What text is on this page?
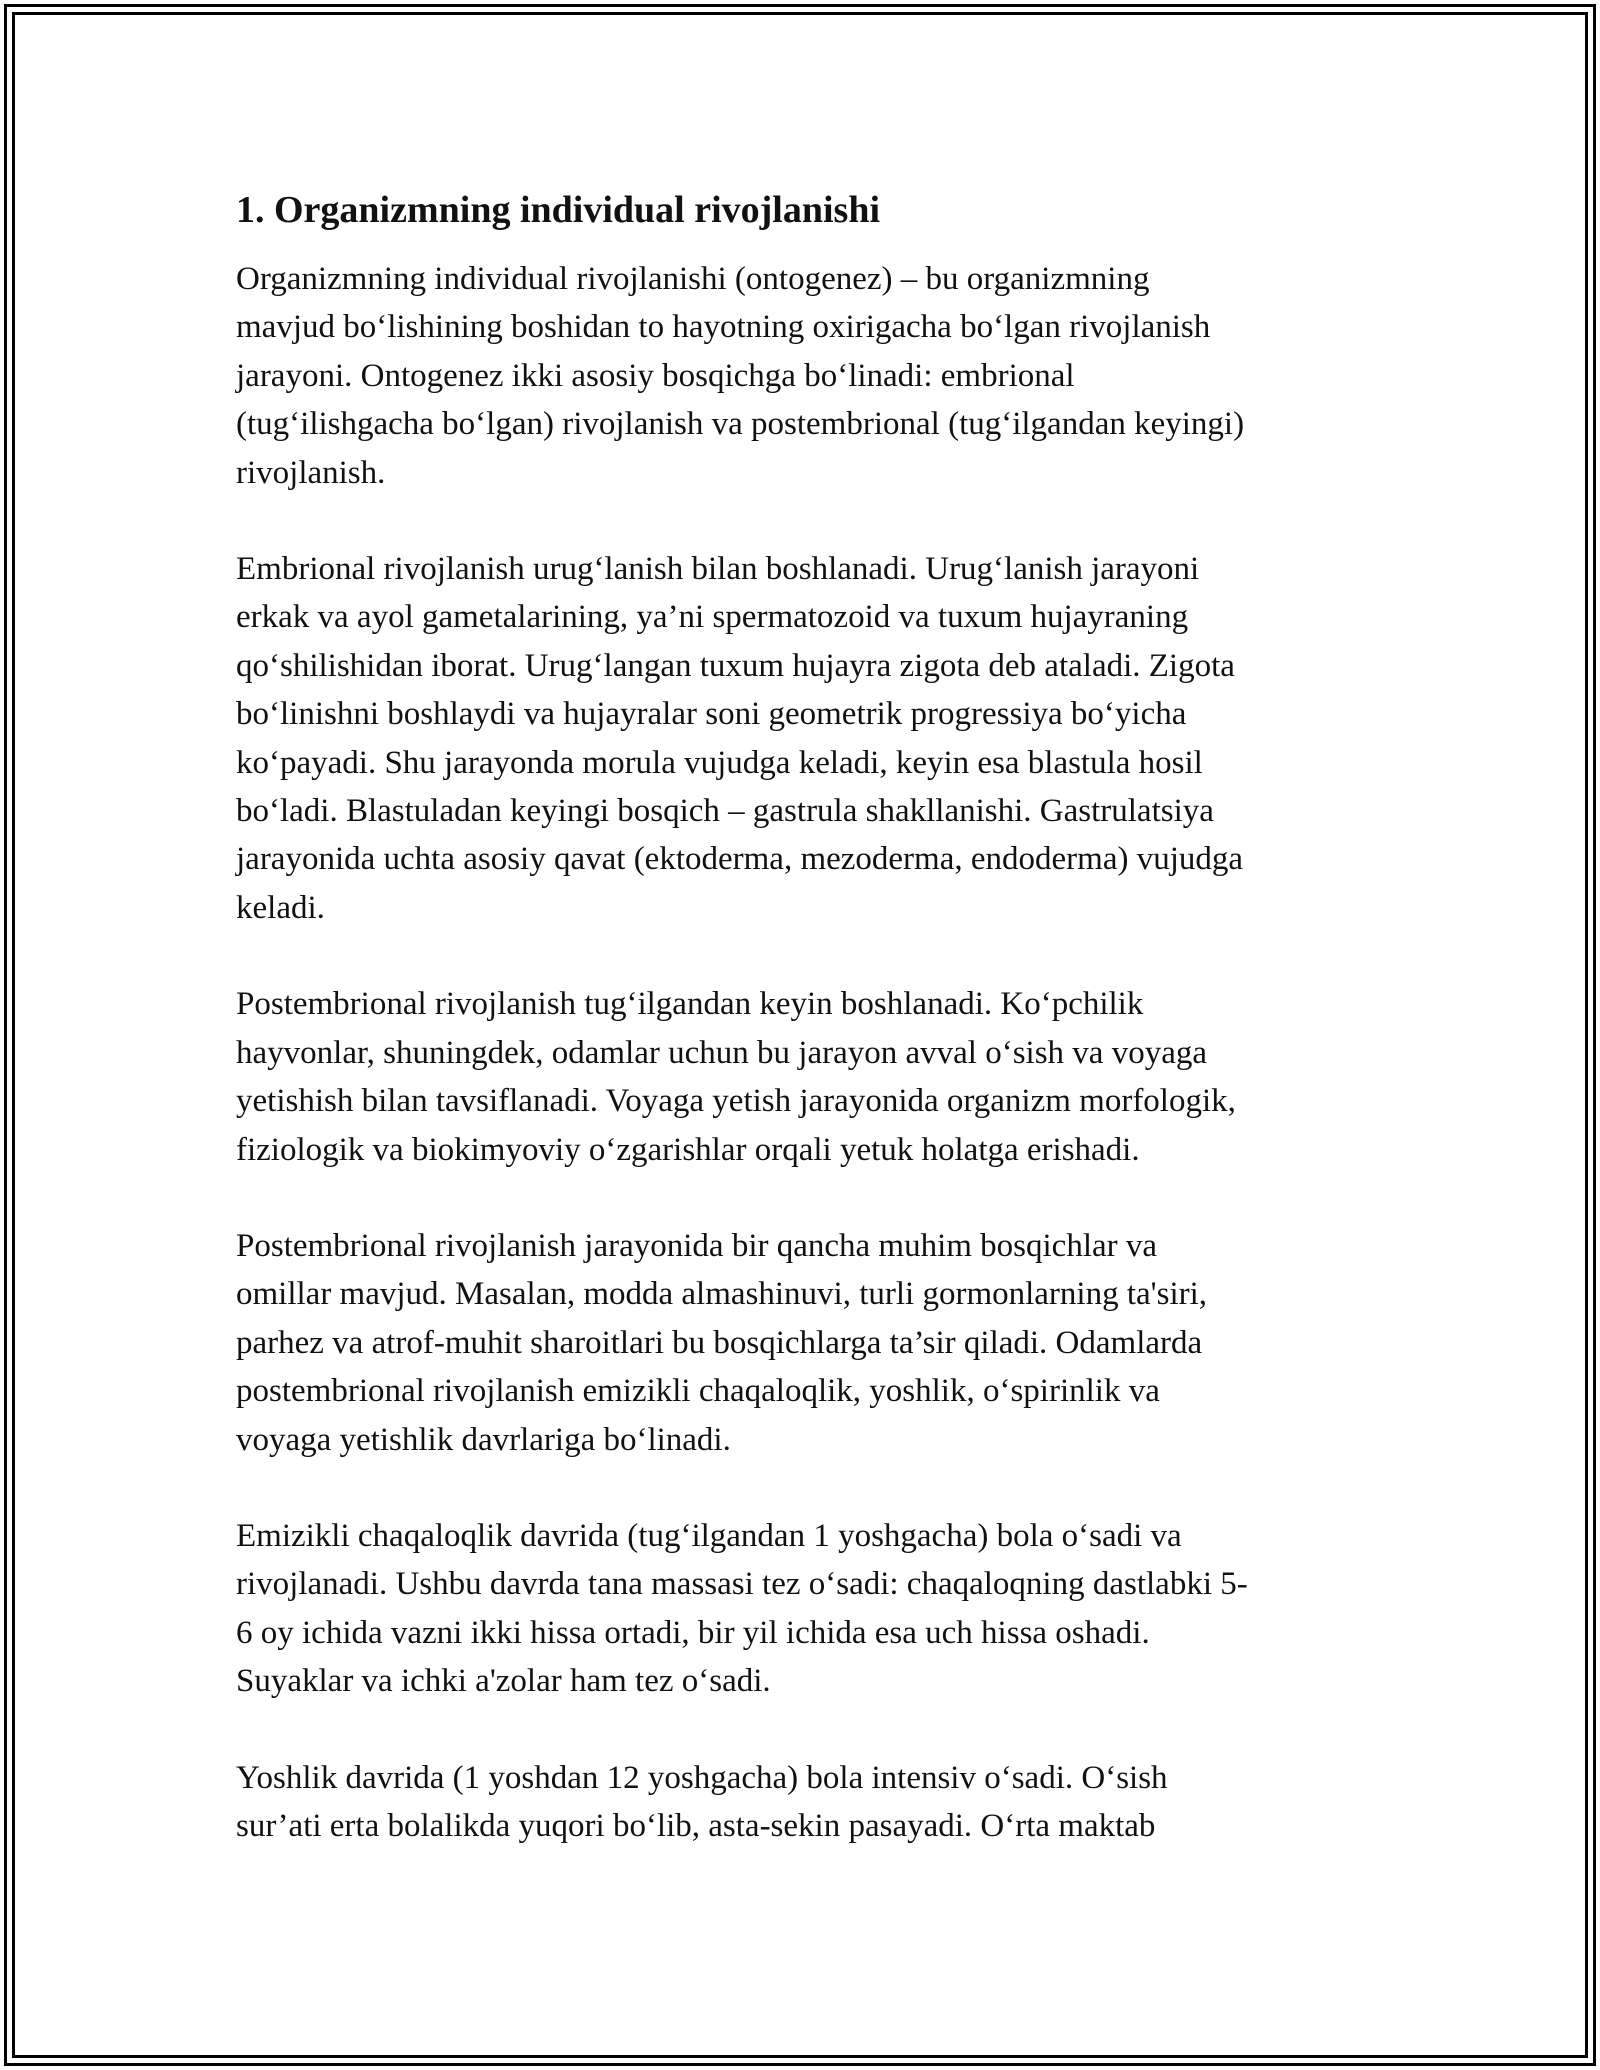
1. Organizmning individual rivojlanishi

Organizmning individual rivojlanishi (ontogenez) – bu organizmning
mavjud bo‘lishining boshidan to hayotning oxirigacha bo‘lgan rivojlanish
jarayoni. Ontogenez ikki asosiy bosqichga bo‘linadi: embrional
(tug‘ilishgacha bo‘lgan) rivojlanish va postembrional (tug‘ilgandan keyingi)
rivojlanish.

Embrional rivojlanish urug‘lanish bilan boshlanadi. Urug‘lanish jarayoni
erkak va ayol gametalarining, ya’ni spermatozoid va tuxum hujayraning
qo‘shilishidan iborat. Urug‘langan tuxum hujayra zigota deb ataladi. Zigota
bo‘linishni boshlaydi va hujayralar soni geometrik progressiya bo‘yicha
ko‘payadi. Shu jarayonda morula vujudga keladi, keyin esa blastula hosil
bo‘ladi. Blastuladan keyingi bosqich – gastrula shakllanishi. Gastrulatsiya
jarayonida uchta asosiy qavat (ektoderma, mezoderma, endoderma) vujudga
keladi.

Postembrional rivojlanish tug‘ilgandan keyin boshlanadi. Ko‘pchilik
hayvonlar, shuningdek, odamlar uchun bu jarayon avval o‘sish va voyaga
yetishish bilan tavsiflanadi. Voyaga yetish jarayonida organizm morfologik,
fiziologik va biokimyoviy o‘zgarishlar orqali yetuk holatga erishadi.

Postembrional rivojlanish jarayonida bir qancha muhim bosqichlar va
omillar mavjud. Masalan, modda almashinuvi, turli gormonlarning ta'siri,
parhez va atrof-muhit sharoitlari bu bosqichlarga ta’sir qiladi. Odamlarda
postembrional rivojlanish emizikli chaqaloqlik, yoshlik, o‘spirinlik va
voyaga yetishlik davrlariga bo‘linadi.

Emizikli chaqaloqlik davrida (tug‘ilgandan 1 yoshgacha) bola o‘sadi va
rivojlanadi. Ushbu davrda tana massasi tez o‘sadi: chaqaloqning dastlabki 5-
6 oy ichida vazni ikki hissa ortadi, bir yil ichida esa uch hissa oshadi.
Suyaklar va ichki a'zolar ham tez o‘sadi.

Yoshlik davrida (1 yoshdan 12 yoshgacha) bola intensiv o‘sadi. O‘sish
sur’ati erta bolalikda yuqori bo‘lib, asta-sekin pasayadi. O‘rta maktab
